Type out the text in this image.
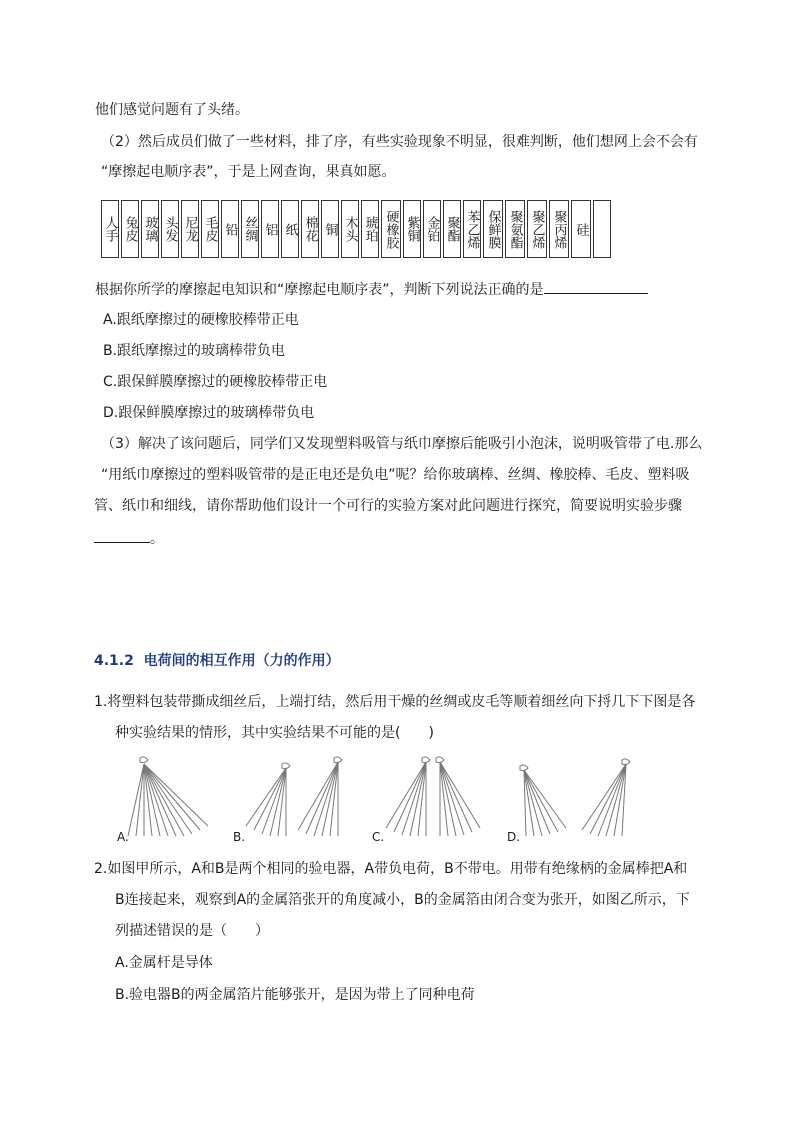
他们感觉问题有了头绪。
（2）然后成员们做了一些材料，排了序，有些实验现象不明显，很难判断，他们想网上会不会有
“摩擦起电顺序表”，于是上网查询，果真如愿。
人手 兔皮 玻璃 头发 尼龙 毛皮 铅 丝绸 铝 纸 棉花 铜 木头 琥珀 硬橡胶 紫铜 金铂 聚酯 苯乙烯 保鲜膜 聚氨酯 聚乙烯 聚丙烯 硅
根据你所学的摩擦起电知识和“摩擦起电顺序表”，判断下列说法正确的是
A.跟纸摩擦过的硬橡胶棒带正电
B.跟纸摩擦过的玻璃棒带负电
C.跟保鲜膜摩擦过的硬橡胶棒带正电
D.跟保鲜膜摩擦过的玻璃棒带负电
（3）解决了该问题后，同学们又发现塑料吸管与纸巾摩擦后能吸引小泡沫，说明吸管带了电.那么
“用纸巾摩擦过的塑料吸管带的是正电还是负电”呢？给你玻璃棒、丝绸、橡胶棒、毛皮、塑料吸
管、纸巾和细线，请你帮助他们设计一个可行的实验方案对此问题进行探究，简要说明实验步骤
。
4.1.2 电荷间的相互作用（力的作用）
1.将塑料包装带撕成细丝后，上端打结，然后用干燥的丝绸或皮毛等顺着细丝向下捋几下下图是各
种实验结果的情形，其中实验结果不可能的是(　　)
A.	B.	C.	D.
2.如图甲所示，A和B是两个相同的验电器，A带负电荷，B不带电。用带有绝缘柄的金属棒把A和
B连接起来，观察到A的金属箔张开的角度减小，B的金属箔由闭合变为张开，如图乙所示，下
列描述错误的是（　　）
A.金属杆是导体
B.验电器B的两金属箔片能够张开，是因为带上了同种电荷
